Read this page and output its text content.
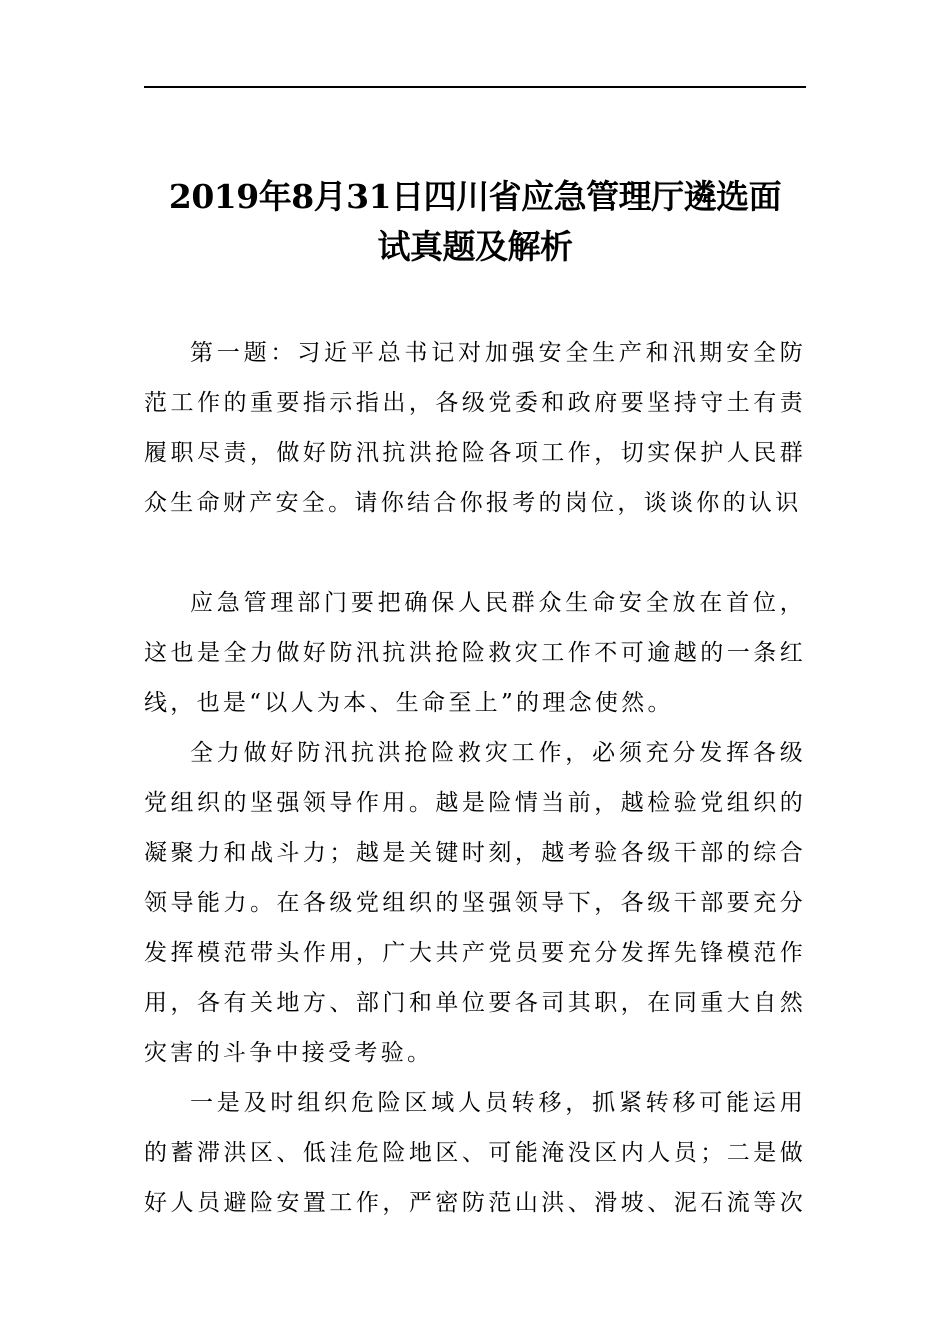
2019年8月31日四川省应急管理厅遴选面
试真题及解析

第一题：习近平总书记对加强安全生产和汛期安全防
范工作的重要指示指出，各级党委和政府要坚持守土有责
履职尽责，做好防汛抗洪抢险各项工作，切实保护人民群
众生命财产安全。请你结合你报考的岗位，谈谈你的认识

应急管理部门要把确保人民群众生命安全放在首位，
这也是全力做好防汛抗洪抢险救灾工作不可逾越的一条红
线，也是“以人为本、生命至上”的理念使然。

全力做好防汛抗洪抢险救灾工作，必须充分发挥各级
党组织的坚强领导作用。越是险情当前，越检验党组织的
凝聚力和战斗力；越是关键时刻，越考验各级干部的综合
领导能力。在各级党组织的坚强领导下，各级干部要充分
发挥模范带头作用，广大共产党员要充分发挥先锋模范作
用，各有关地方、部门和单位要各司其职，在同重大自然
灾害的斗争中接受考验。

一是及时组织危险区域人员转移，抓紧转移可能运用
的蓄滞洪区、低洼危险地区、可能淹没区内人员；二是做
好人员避险安置工作，严密防范山洪、滑坡、泥石流等次
